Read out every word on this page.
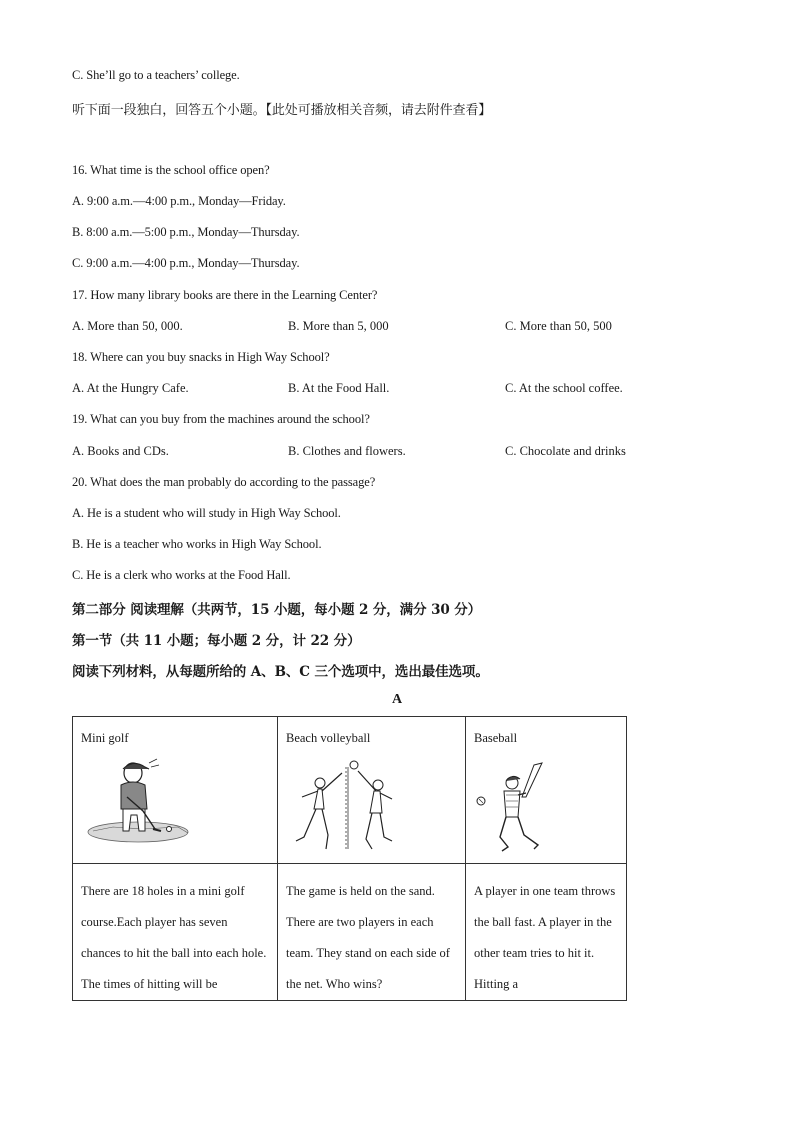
C. She’ll go to a teachers’ college.
听下面一段独白，回答五个小题。【此处可播放相关音频，请去附件查看】
16. What time is the school office open?
A. 9:00 a.m.—4:00 p.m., Monday—Friday.
B. 8:00 a.m.—5:00 p.m., Monday—Thursday.
C. 9:00 a.m.—4:00 p.m., Monday—Thursday.
17. How many library books are there in the Learning Center?
A. More than 50, 000.	B. More than 5, 000	C. More than 50, 500
18. Where can you buy snacks in High Way School?
A. At the Hungry Cafe.	B. At the Food Hall.	C. At the school coffee.
19. What can you buy from the machines around the school?
A. Books and CDs.	B. Clothes and flowers.	C. Chocolate and drinks
20. What does the man probably do according to the passage?
A. He is a student who will study in High Way School.
B. He is a teacher who works in High Way School.
C. He is a clerk who works at the Food Hall.
第二部分 阅读理解（共两节，15 小题，每小题 2 分，满分 30 分）
第一节（共 11 小题；每小题 2 分，计 22 分）
阅读下列材料，从每题所给的 A、B、C 三个选项中，选出最佳选项。
A
Mini golf	Beach volleyball	Baseball

There are 18 holes in a mini golf course.Each player has seven chances to hit the ball into each hole. The times of hitting will be	The game is held on the sand. There are two players in each team. They stand on each side of the net. Who wins?	A player in one team throws the ball fast. A player in the other team tries to hit it. Hitting a
